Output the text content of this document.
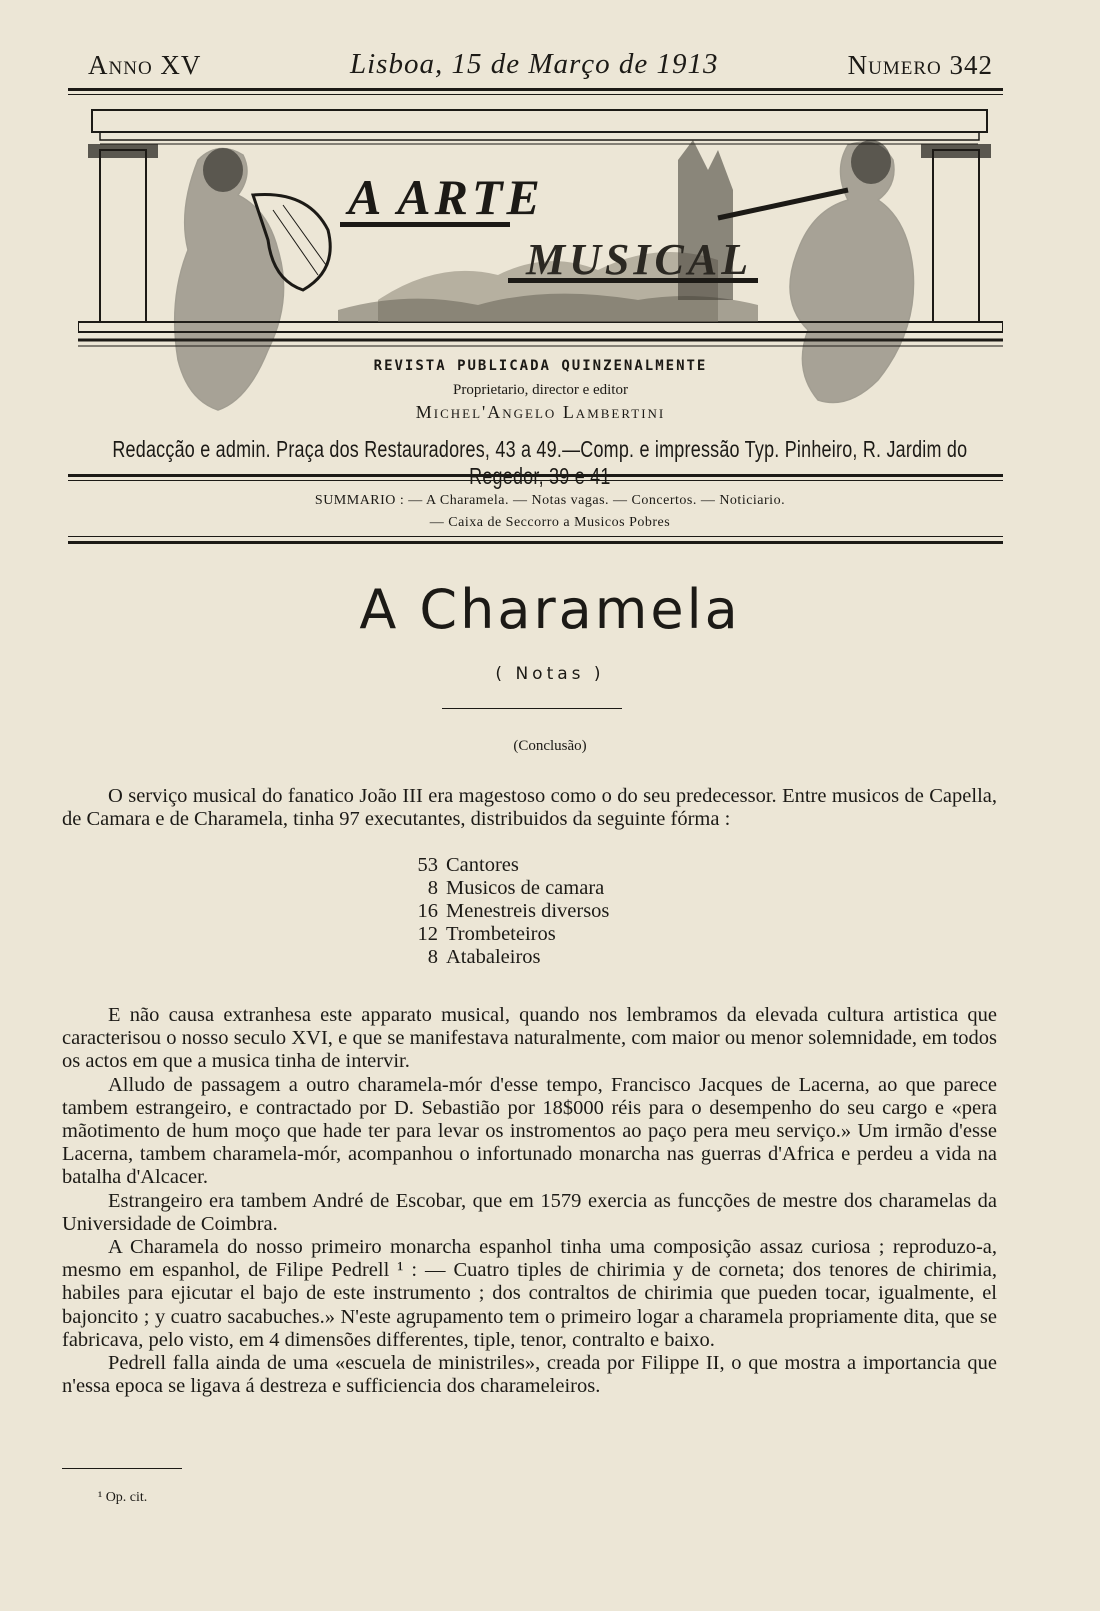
Anno XV	Lisboa, 15 de Março de 1913	Numero 342
A ARTE
MUSICAL
REVISTA PUBLICADA QUINZENALMENTE
Proprietario, director e editor
Michel'Angelo Lambertini
Redacção e admin. Praça dos Restauradores, 43 a 49.—Comp. e impressão Typ. Pinheiro, R. Jardim do
SUMMARIO : — A Charamela. — Notas vagas. — Concertos. — Noticiario.
— Caixa de Seccorro a Musicos Pobres
A Charamela
( Notas )
(Conclusão)
O serviço musical do fanatico João III era magestoso como o do seu predecessor. Entre musicos de Capella, de Camara e de Charamela, tinha 97 executantes, distribuidos da seguinte fórma :
53 Cantores
8 Musicos de camara
16 Menestreis diversos
12 Trombeteiros
8 Atabaleiros

E não causa extranhesa este apparato musical, quando nos lembramos da elevada cultura artistica que caracterisou o nosso seculo XVI, e que se manifestava naturalmente, com maior ou menor solemnidade, em todos os actos em que a musica tinha de intervir.

Alludo de passagem a outro charamela-mór d'esse tempo, Francisco Jacques de Lacerna, ao que parece tambem estrangeiro, e contractado por D. Sebastião por 18$000 réis para o desempenho do seu cargo e «pera mãotimento de hum moço que hade ter para levar os instromentos ao paço pera meu serviço.» Um irmão d'esse Lacerna, tambem charamela-mór, acompanhou o infortunado monarcha nas guerras d'Africa e perdeu a vida na batalha d'Alcacer.

Estrangeiro era tambem André de Escobar, que em 1579 exercia as funcções de mestre dos charamelas da Universidade de Coimbra.

A Charamela do nosso primeiro monarcha espanhol tinha uma composição assaz curiosa ; reproduzo-a, mesmo em espanhol, de Filipe Pedrell ¹ : — Cuatro tiples de chirimia y de corneta; dos tenores de chirimia, habiles para ejicutar el bajo de este instrumento ; dos contraltos de chirimia que pueden tocar, igualmente, el bajoncito ; y cuatro sacabuches.» N'este agrupamento tem o primeiro logar a charamela propriamente dita, que se fabricava, pelo visto, em 4 dimensões differentes, tiple, tenor, contralto e baixo.

Pedrell falla ainda de uma «escuela de ministriles», creada por Filippe II, o que mostra a importancia que n'essa epoca se ligava á destreza e sufficiencia dos charameleiros.

¹ Op. cit.
